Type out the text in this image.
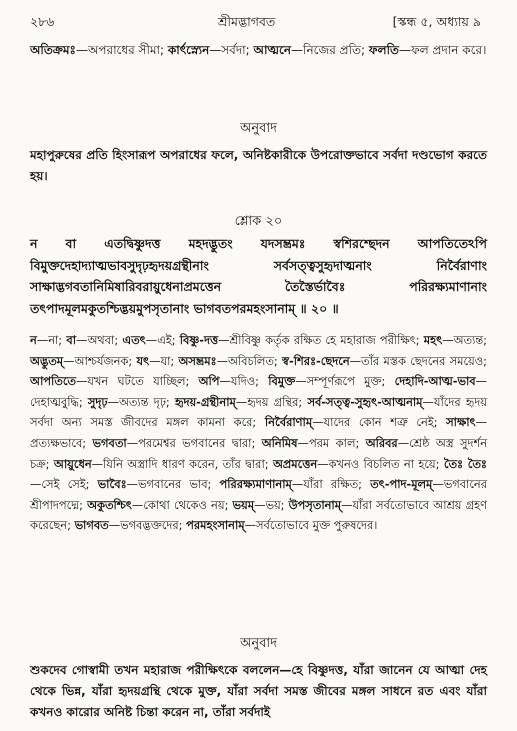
২৮৬	শ্রীমদ্ভাগবত	[স্কন্ধ ৫, অধ্যায় ৯
অতিক্রমঃ—অপরাধের সীমা; কার্ৎস্ন্যেন—সর্বদা; আত্মনে—নিজের প্রতি; ফলতি—ফল প্রদান করে।
অনুবাদ
মহাপুরুষের প্রতি হিংসারূপ অপরাধের ফলে, অনিষ্টকারীকে উপরোক্তভাবে সর্বদা দণ্ডভোগ করতে হয়।
শ্লোক ২০
ন বা এতদ্বিষ্ণুদত্ত মহদদ্ভুতং যদসম্ভ্রমঃ স্বশিরশ্ছেদন আপতিতেঽপি বিমুক্তদেহাদ্যাত্মভাবসুদৃঢ়হৃদয়গ্রন্থীনাং সর্বসত্ত্বসুহৃদাত্মনাং নির্বৈরাণাং সাক্ষাদ্ভগবতানিমিষারিবরায়ুধেনাপ্রমত্তেন তৈস্তৈর্ভাবৈঃ পরিরক্ষ্যমাণানাং তৎপাদমূলমকুতশ্চিদ্ভয়মুপসৃতানাং ভাগবতপরমহংসানাম্ ॥ ২০ ॥
ন—না; বা—অথবা; এতৎ—এই; বিষ্ণু-দত্ত—শ্রীবিষ্ণু কর্তৃক রক্ষিত হে মহারাজ পরীক্ষিৎ; মহৎ—অত্যন্ত; অদ্ভুতম্—আশ্চর্যজনক; যৎ—যা; অসম্ভ্রমঃ—অবিচলিত; স্ব-শিরঃ-ছেদনে—তাঁর মস্তক ছেদনের সময়েও; আপতিতে—যখন ঘটতে যাচ্ছিল; অপি—যদিও; বিমুক্ত—সম্পূর্ণরূপে মুক্ত; দেহাদি-আত্ম-ভাব—দেহাত্মবুদ্ধি; সুদৃঢ়—অত্যন্ত দৃঢ়; হৃদয়-গ্রন্থীনাম্—হৃদয় গ্রন্থির; সর্ব-সত্ত্ব-সুহৃৎ-আত্মনাম্—যাঁদের হৃদয় সর্বদা অন্য সমস্ত জীবদের মঙ্গল কামনা করে; নির্বৈরাণাম্—যাদের কোন শত্রু নেই; সাক্ষাৎ—প্রত্যক্ষভাবে; ভগবতা—পরমেশ্বর ভগবানের দ্বারা; অনিমিষ—পরম কাল; অরিবর—শ্রেষ্ঠ অস্ত্র সুদর্শন চক্র; আয়ুধেন—যিনি অস্ত্রাদি ধারণ করেন, তাঁর দ্বারা; অপ্রমত্তেন—কখনও বিচলিত না হয়ে; তৈঃ তৈঃ—সেই সেই; ভাবৈঃ—ভগবানের ভাব; পরিরক্ষ্যমাণানাম্—যাঁরা রক্ষিত; তৎ-পাদ-মূলম্—ভগবানের শ্রীপাদপদ্মে; অকুতশ্চিৎ—কোথা থেকেও নয়; ভয়ম্—ভয়; উপসৃতানাম্—যাঁরা সর্বতোভাবে আশ্রয় গ্রহণ করেছেন; ভাগবত—ভগবদ্ভক্তদের; পরমহংসানাম্—সর্বতোভাবে মুক্ত পুরুষদের।
অনুবাদ
শুকদেব গোস্বামী তখন মহারাজ পরীক্ষিৎকে বললেন—হে বিষ্ণুদত্ত, যাঁরা জানেন যে আত্মা দেহ থেকে ভিন্ন, যাঁরা হৃদয়গ্রন্থি থেকে মুক্ত, যাঁরা সর্বদা সমস্ত জীবের মঙ্গল সাধনে রত এবং যাঁরা কখনও কারোর অনিষ্ট চিন্তা করেন না, তাঁরা সর্বদাই
